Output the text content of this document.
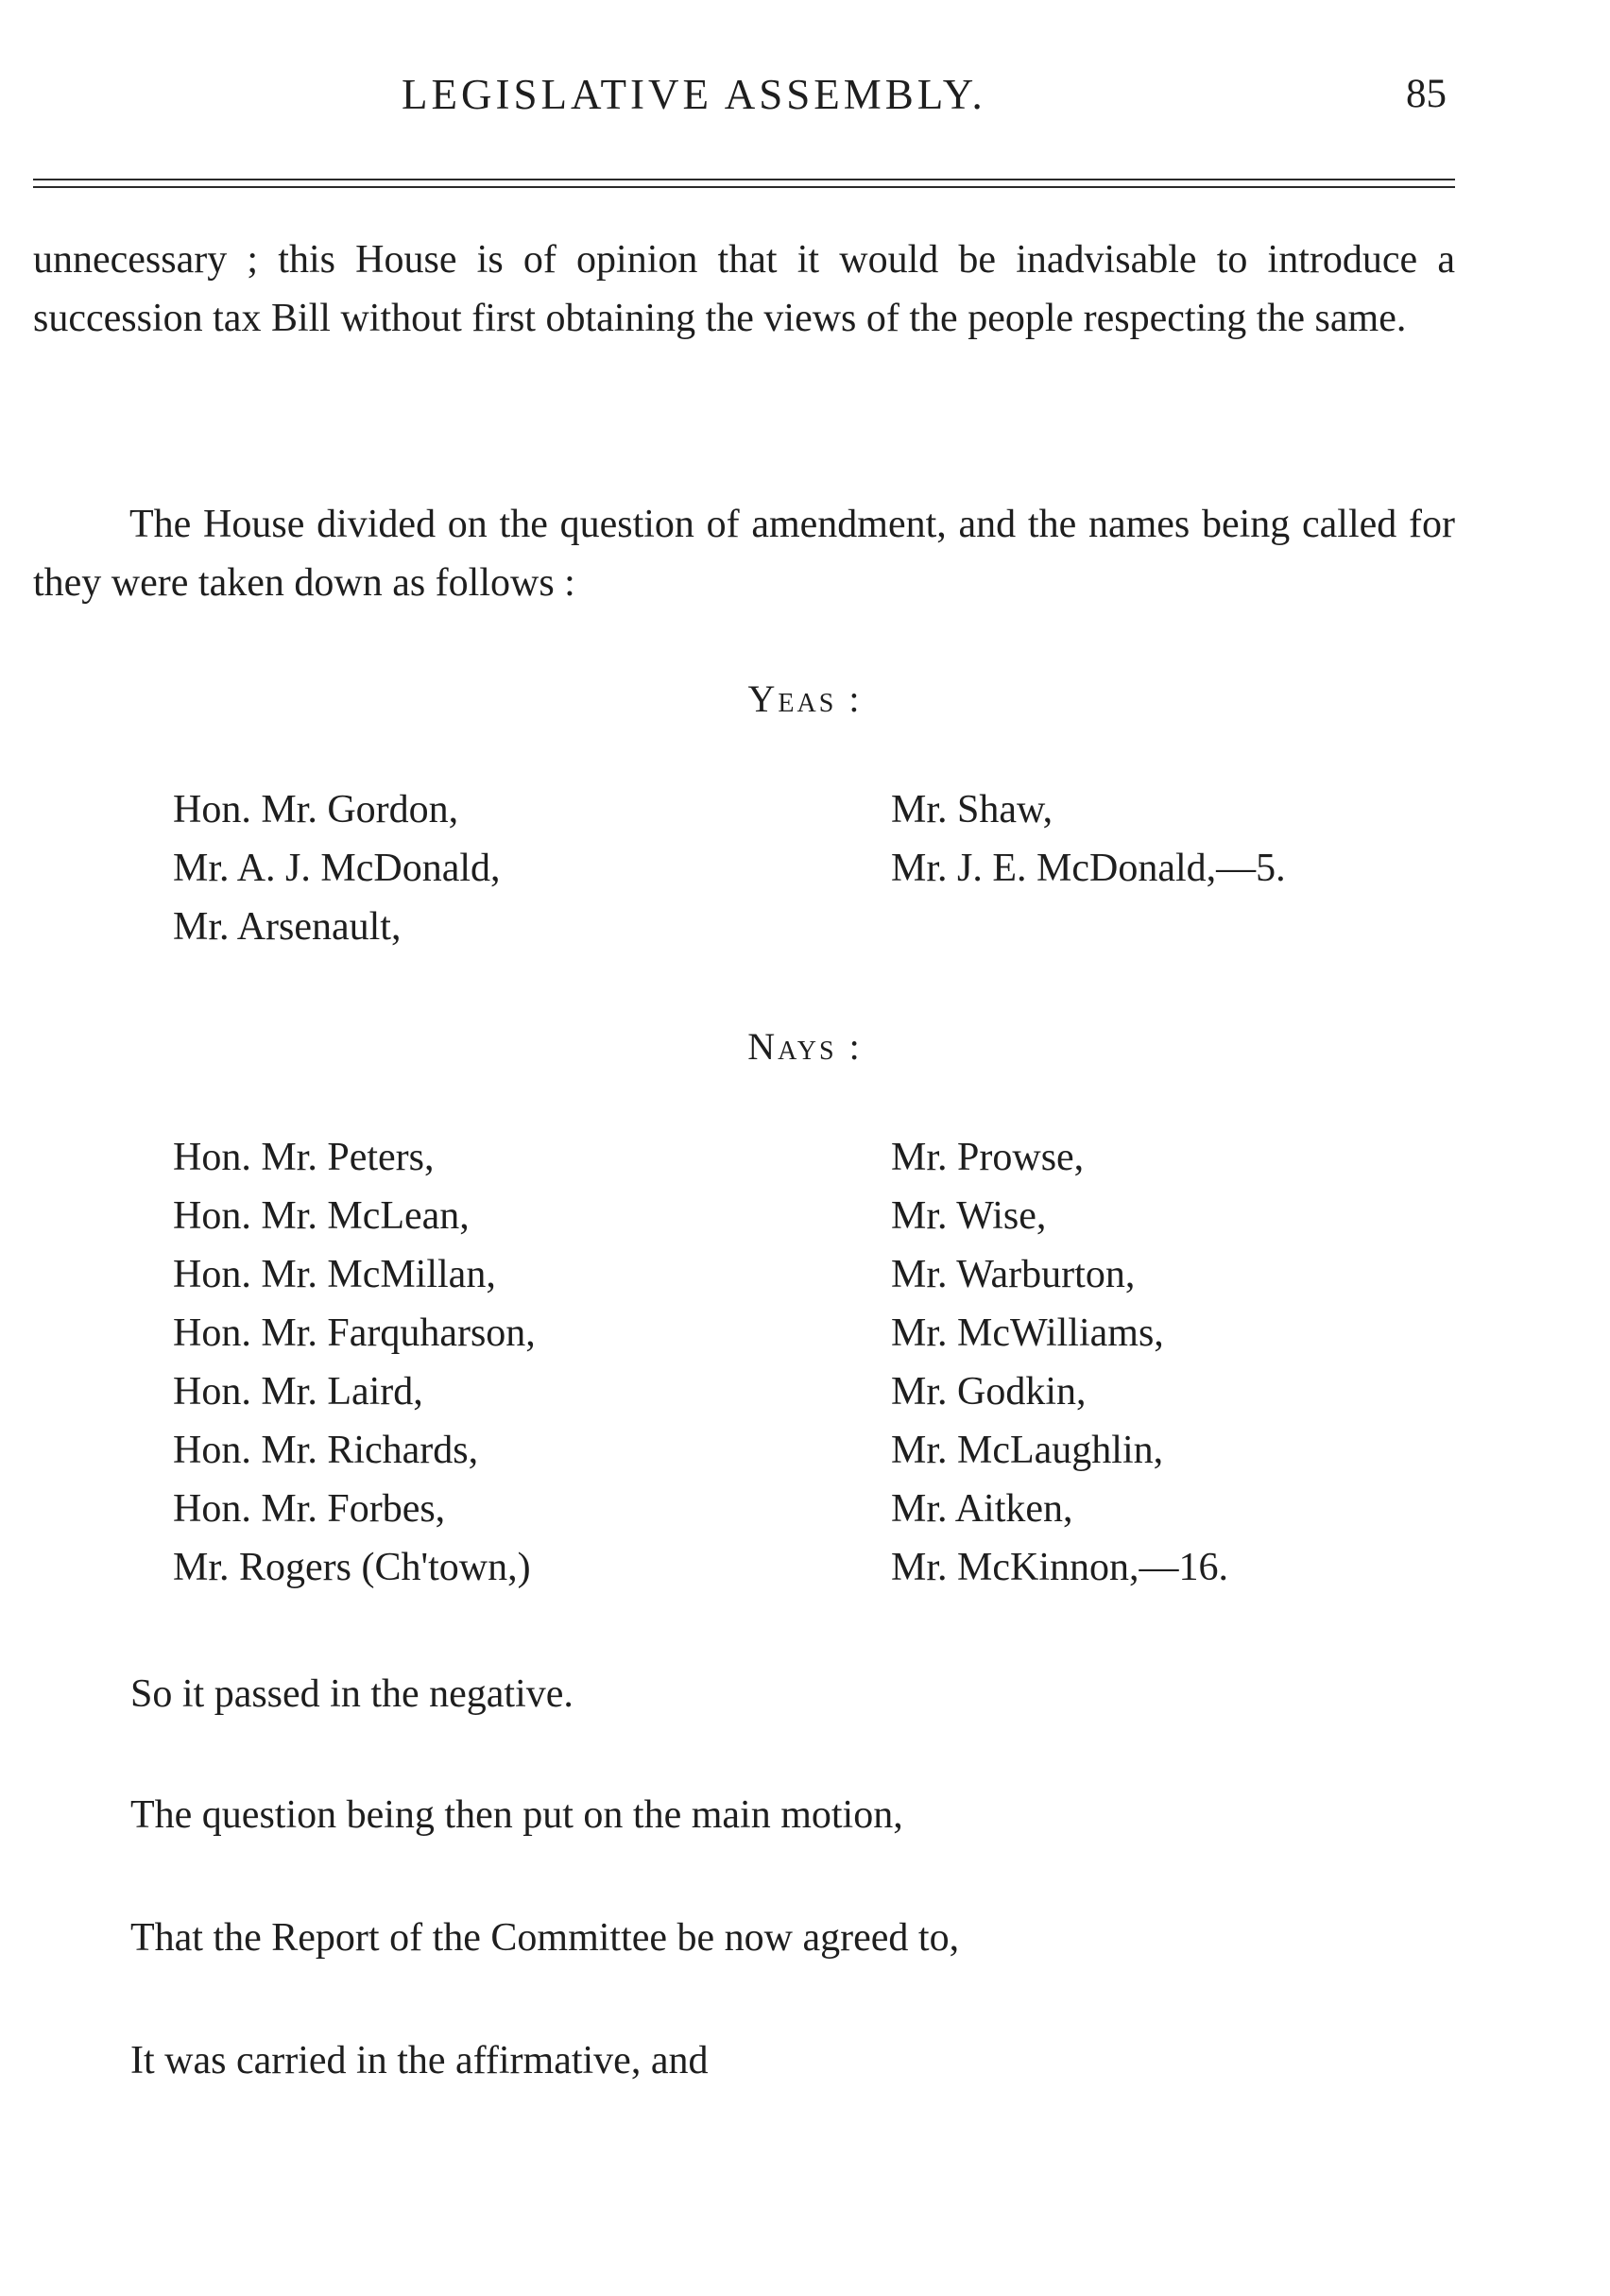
LEGISLATIVE ASSEMBLY.	85

unnecessary ; this House is of opinion that it would be inadvisable to introduce a succession tax Bill without first obtaining the views of the people respecting the same.

The House divided on the question of amendment, and the names being called for they were taken down as follows :

Yeas :
Hon. Mr. Gordon,
Mr. A. J. McDonald,
Mr. Arsenault,
Mr. Shaw,
Mr. J. E. McDonald,—5.
Nays :
Hon. Mr. Peters,
Hon. Mr. McLean,
Hon. Mr. McMillan,
Hon. Mr. Farquharson,
Hon. Mr. Laird,
Hon. Mr. Richards,
Hon. Mr. Forbes,
Mr. Rogers (Ch'town,)
Mr. Prowse,
Mr. Wise,
Mr. Warburton,
Mr. McWilliams,
Mr. Godkin,
Mr. McLaughlin,
Mr. Aitken,
Mr. McKinnon,—16.

So it passed in the negative.

The question being then put on the main motion,

That the Report of the Committee be now agreed to,

It was carried in the affirmative, and
